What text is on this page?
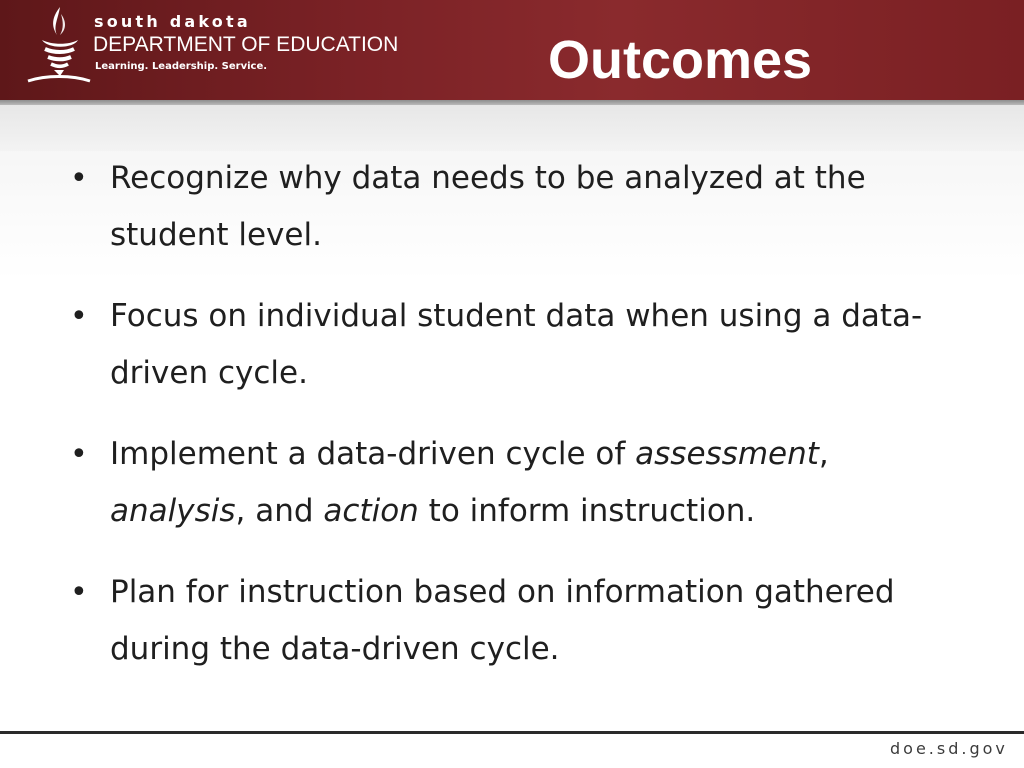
south dakota
DEPARTMENT OF EDUCATION
Learning. Leadership. Service.	Outcomes
• Recognize why data needs to be analyzed at the student level.
• Focus on individual student data when using a data-driven cycle.
• Implement a data-driven cycle of assessment, analysis, and action to inform instruction.
• Plan for instruction based on information gathered during the data-driven cycle.
doe.sd.gov
